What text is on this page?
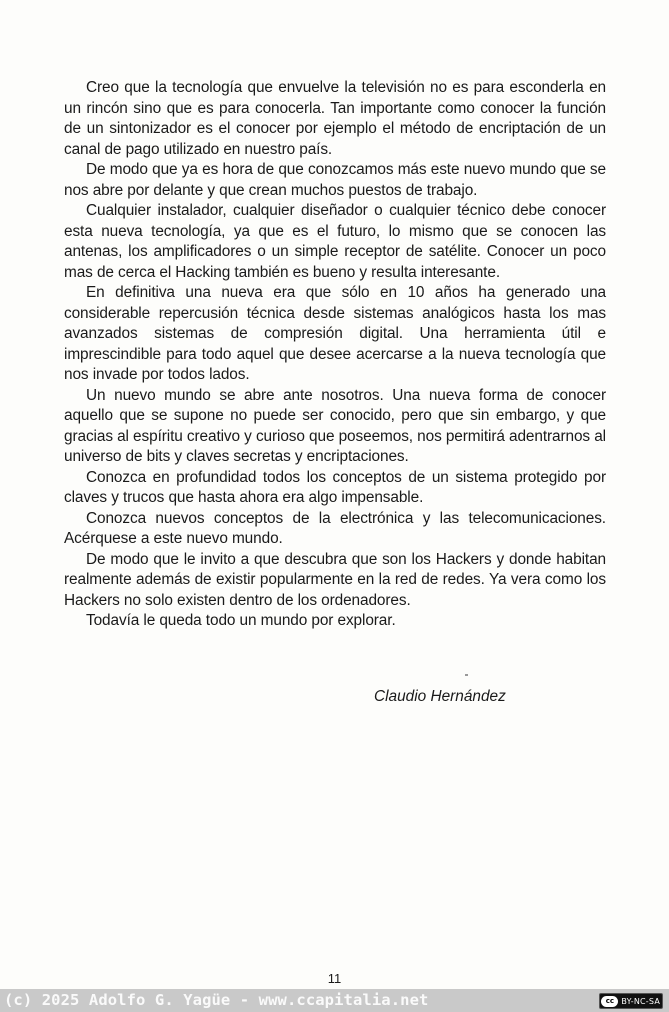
Creo que la tecnología que envuelve la televisión no es para esconderla en un rincón sino que es para conocerla. Tan importante como conocer la función de un sintonizador es el conocer por ejemplo el método de encriptación de un canal de pago utilizado en nuestro país.

De modo que ya es hora de que conozcamos más este nuevo mundo que se nos abre por delante y que crean muchos puestos de trabajo.

Cualquier instalador, cualquier diseñador o cualquier técnico debe conocer esta nueva tecnología, ya que es el futuro, lo mismo que se conocen las antenas, los amplificadores o un simple receptor de satélite. Conocer un poco mas de cerca el Hacking también es bueno y resulta interesante.

En definitiva una nueva era que sólo en 10 años ha generado una considerable repercusión técnica desde sistemas analógicos hasta los mas avanzados sistemas de compresión digital. Una herramienta útil e imprescindible para todo aquel que desee acercarse a la nueva tecnología que nos invade por todos lados.

Un nuevo mundo se abre ante nosotros. Una nueva forma de conocer aquello que se supone no puede ser conocido, pero que sin embargo, y que gracias al espíritu creativo y curioso que poseemos, nos permitirá adentrarnos al universo de bits y claves secretas y encriptaciones.

Conozca en profundidad todos los conceptos de un sistema protegido por claves y trucos que hasta ahora era algo impensable.

Conozca nuevos conceptos de la electrónica y las telecomunicaciones. Acérquese a este nuevo mundo.

De modo que le invito a que descubra que son los Hackers y donde habitan realmente además de existir popularmente en la red de redes. Ya vera como los Hackers no solo existen dentro de los ordenadores.

Todavía le queda todo un mundo por explorar.

Claudio Hernández
11
(c) 2025 Adolfo G. Yagüe - www.ccapitalia.net	cc BY-NC-SA
